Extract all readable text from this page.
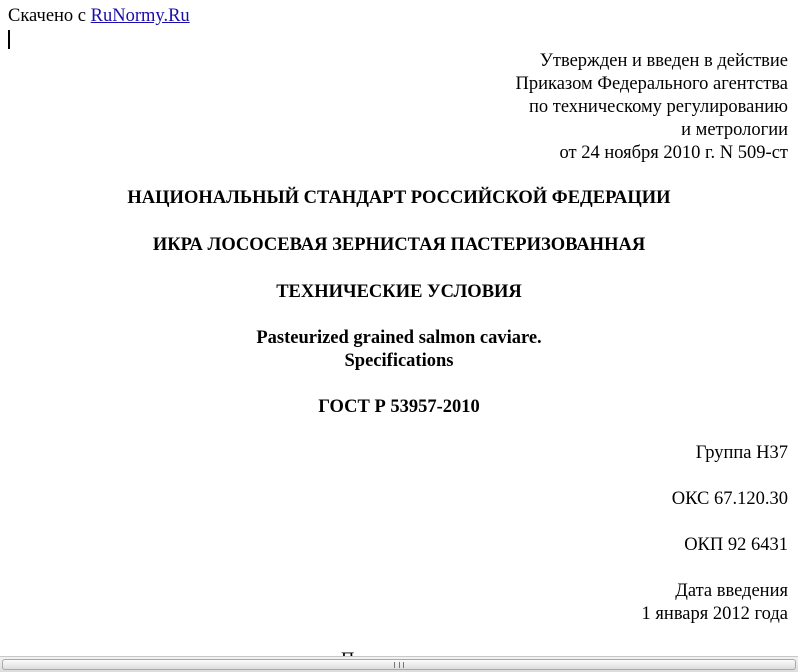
Скачено с RuNormy.Ru
Утвержден и введен в действие
Приказом Федерального агентства
по техническому регулированию
и метрологии
от 24 ноября 2010 г. N 509-ст
НАЦИОНАЛЬНЫЙ СТАНДАРТ РОССИЙСКОЙ ФЕДЕРАЦИИ
ИКРА ЛОСОСЕВАЯ ЗЕРНИСТАЯ ПАСТЕРИЗОВАННАЯ
ТЕХНИЧЕСКИЕ УСЛОВИЯ
Pasteurized grained salmon caviare.
Specifications
ГОСТ Р 53957-2010
Группа Н37
ОКС 67.120.30
ОКП 92 6431
Дата введения
1 января 2012 года
